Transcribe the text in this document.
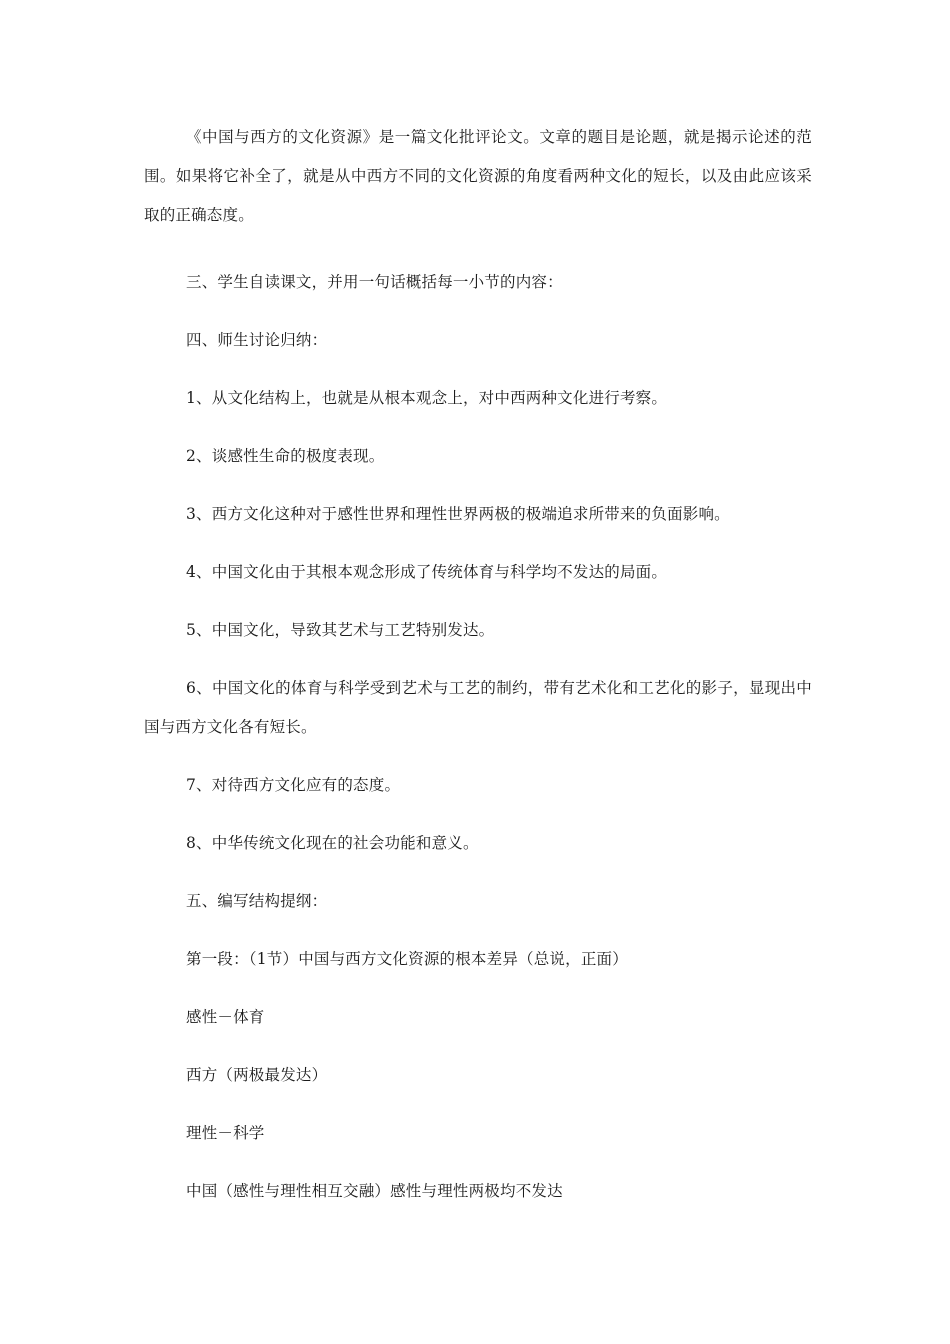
《中国与西方的文化资源》是一篇文化批评论文。文章的题目是论题，就是揭示论述的范围。如果将它补全了，就是从中西方不同的文化资源的角度看两种文化的短长，以及由此应该采取的正确态度。

三、学生自读课文，并用一句话概括每一小节的内容：

四、师生讨论归纳：

1、从文化结构上，也就是从根本观念上，对中西两种文化进行考察。

2、谈感性生命的极度表现。

3、西方文化这种对于感性世界和理性世界两极的极端追求所带来的负面影响。

4、中国文化由于其根本观念形成了传统体育与科学均不发达的局面。

5、中国文化，导致其艺术与工艺特别发达。

6、中国文化的体育与科学受到艺术与工艺的制约，带有艺术化和工艺化的影子，显现出中国与西方文化各有短长。

7、对待西方文化应有的态度。

8、中华传统文化现在的社会功能和意义。

五、编写结构提纲：

第一段：（1节）中国与西方文化资源的根本差异（总说，正面）

感性－体育

西方（两极最发达）

理性－科学

中国（感性与理性相互交融）感性与理性两极均不发达
